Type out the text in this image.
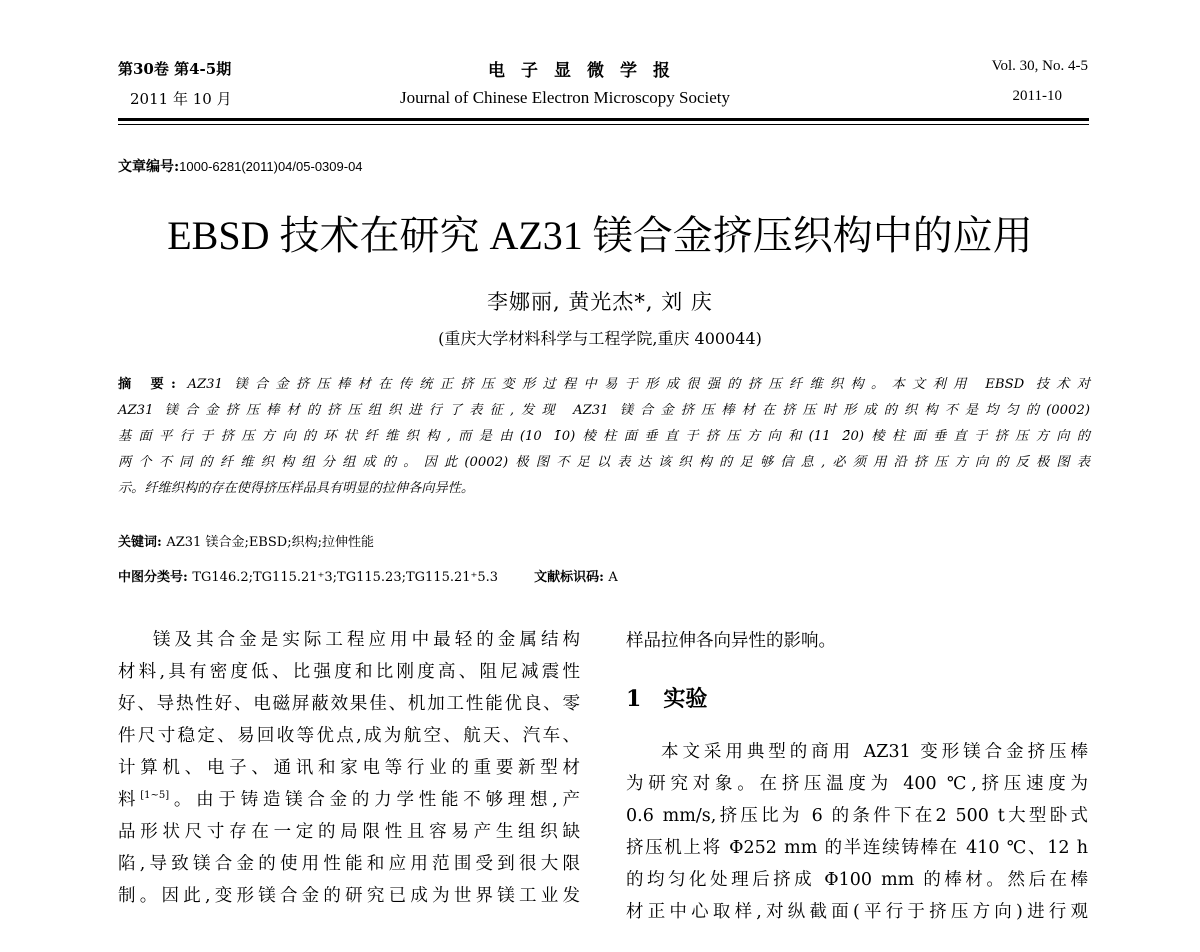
第30卷 第4-5期
2011 年 10 月
电子显微学报
Journal of Chinese Electron Microscopy Society
Vol. 30, No. 4-5
2011-10
文章编号:1000-6281(2011)04/05-0309-04
EBSD 技术在研究 AZ31 镁合金挤压织构中的应用
李娜丽, 黄光杰*, 刘 庆
(重庆大学材料科学与工程学院,重庆 400044)
摘 要: AZ31 镁合金挤压棒材在传统正挤压变形过程中易于形成很强的挤压纤维织构。本文利用 EBSD 技术对
AZ31 镁合金挤压棒材的挤压组织进行了表征,发现 AZ31 镁合金挤压棒材在挤压时形成的织构不是均匀的(0002)
基面平行于挤压方向的环状纤维织构,而是由(10 1̄0)棱柱面垂直于挤压方向和(11 2̄0)棱柱面垂直于挤压方向的
两个不同的纤维织构组分组成的。因此(0002)极图不足以表达该织构的足够信息,必须用沿挤压方向的反极图表
示。纤维织构的存在使得挤压样品具有明显的拉伸各向异性。
关键词: AZ31 镁合金;EBSD;织构;拉伸性能
中图分类号: TG146.2;TG115.21⁺3;TG115.23;TG115.21⁺5.3	文献标识码: A
镁及其合金是实际工程应用中最轻的金属结构
材料,具有密度低、比强度和比刚度高、阻尼减震性
好、导热性好、电磁屏蔽效果佳、机加工性能优良、零
件尺寸稳定、易回收等优点,成为航空、航天、汽车、
计算机、电子、通讯和家电等行业的重要新型材
料[1~5]。由于铸造镁合金的力学性能不够理想,产
品形状尺寸存在一定的局限性且容易产生组织缺
陷,导致镁合金的使用性能和应用范围受到很大限
制。因此,变形镁合金的研究已成为世界镁工业发
样品拉伸各向异性的影响。
1 实验
本文采用典型的商用 AZ31 变形镁合金挤压棒
为研究对象。在挤压温度为 400 ℃,挤压速度为
0.6 mm/s,挤压比为 6 的条件下在2 500 t大型卧式
挤压机上将 Φ252 mm 的半连续铸棒在 410 ℃、12 h
的均匀化处理后挤成 Φ100 mm 的棒材。然后在棒
材正中心取样,对纵截面(平行于挤压方向)进行观
